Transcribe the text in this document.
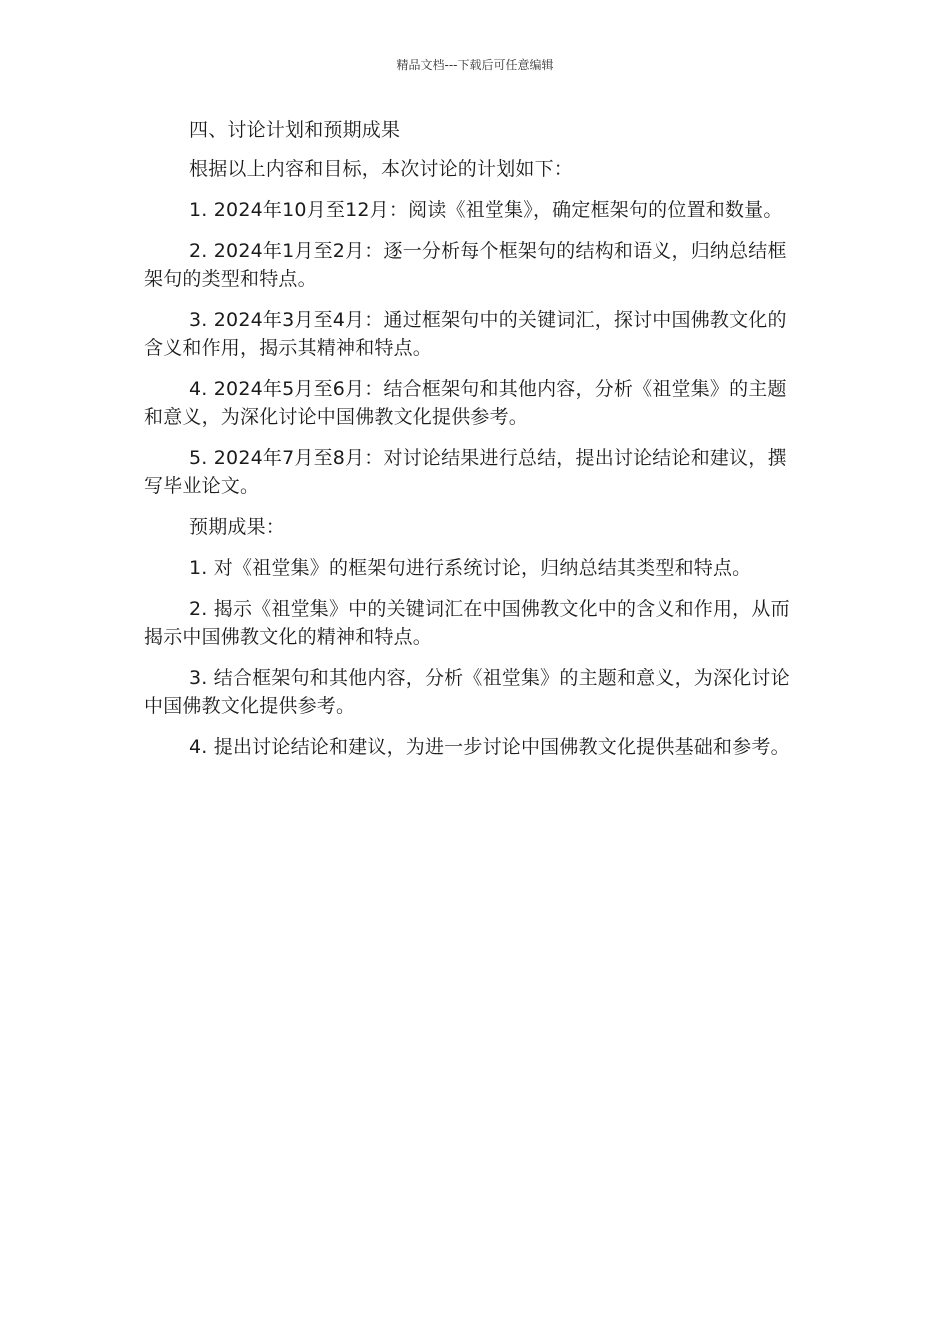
精品文档---下载后可任意编辑

四、讨论计划和预期成果

根据以上内容和目标，本次讨论的计划如下：

1. 2024年10月至12月：阅读《祖堂集》，确定框架句的位置和数量。

2. 2024年1月至2月：逐一分析每个框架句的结构和语义，归纳总结框架句的类型和特点。

3. 2024年3月至4月：通过框架句中的关键词汇，探讨中国佛教文化的含义和作用，揭示其精神和特点。

4. 2024年5月至6月：结合框架句和其他内容，分析《祖堂集》的主题和意义，为深化讨论中国佛教文化提供参考。

5. 2024年7月至8月：对讨论结果进行总结，提出讨论结论和建议，撰写毕业论文。

预期成果：

1. 对《祖堂集》的框架句进行系统讨论，归纳总结其类型和特点。

2. 揭示《祖堂集》中的关键词汇在中国佛教文化中的含义和作用，从而揭示中国佛教文化的精神和特点。

3. 结合框架句和其他内容，分析《祖堂集》的主题和意义，为深化讨论中国佛教文化提供参考。

4. 提出讨论结论和建议，为进一步讨论中国佛教文化提供基础和参考。
